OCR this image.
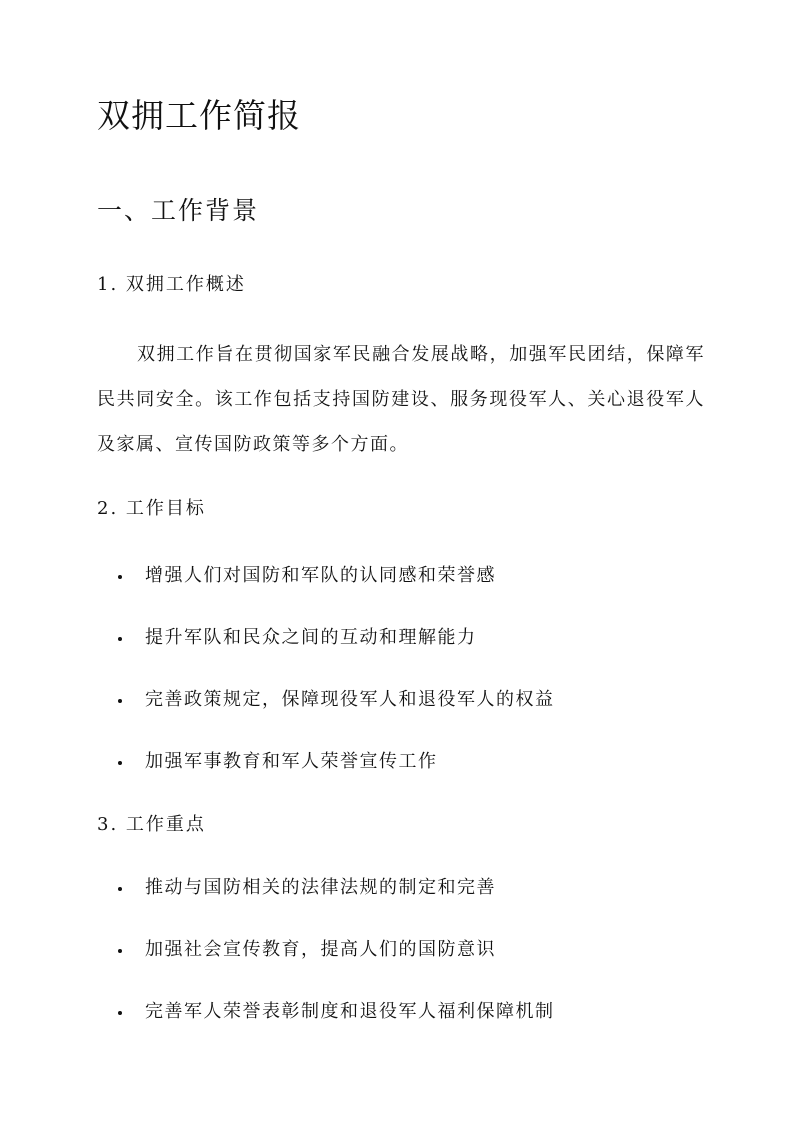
双拥工作简报
一、工作背景
1. 双拥工作概述

双拥工作旨在贯彻国家军民融合发展战略，加强军民团结，保障军民共同安全。该工作包括支持国防建设、服务现役军人、关心退役军人及家属、宣传国防政策等多个方面。

2. 工作目标
增强人们对国防和军队的认同感和荣誉感
提升军队和民众之间的互动和理解能力
完善政策规定，保障现役军人和退役军人的权益
加强军事教育和军人荣誉宣传工作
3. 工作重点
推动与国防相关的法律法规的制定和完善
加强社会宣传教育，提高人们的国防意识
完善军人荣誉表彰制度和退役军人福利保障机制
